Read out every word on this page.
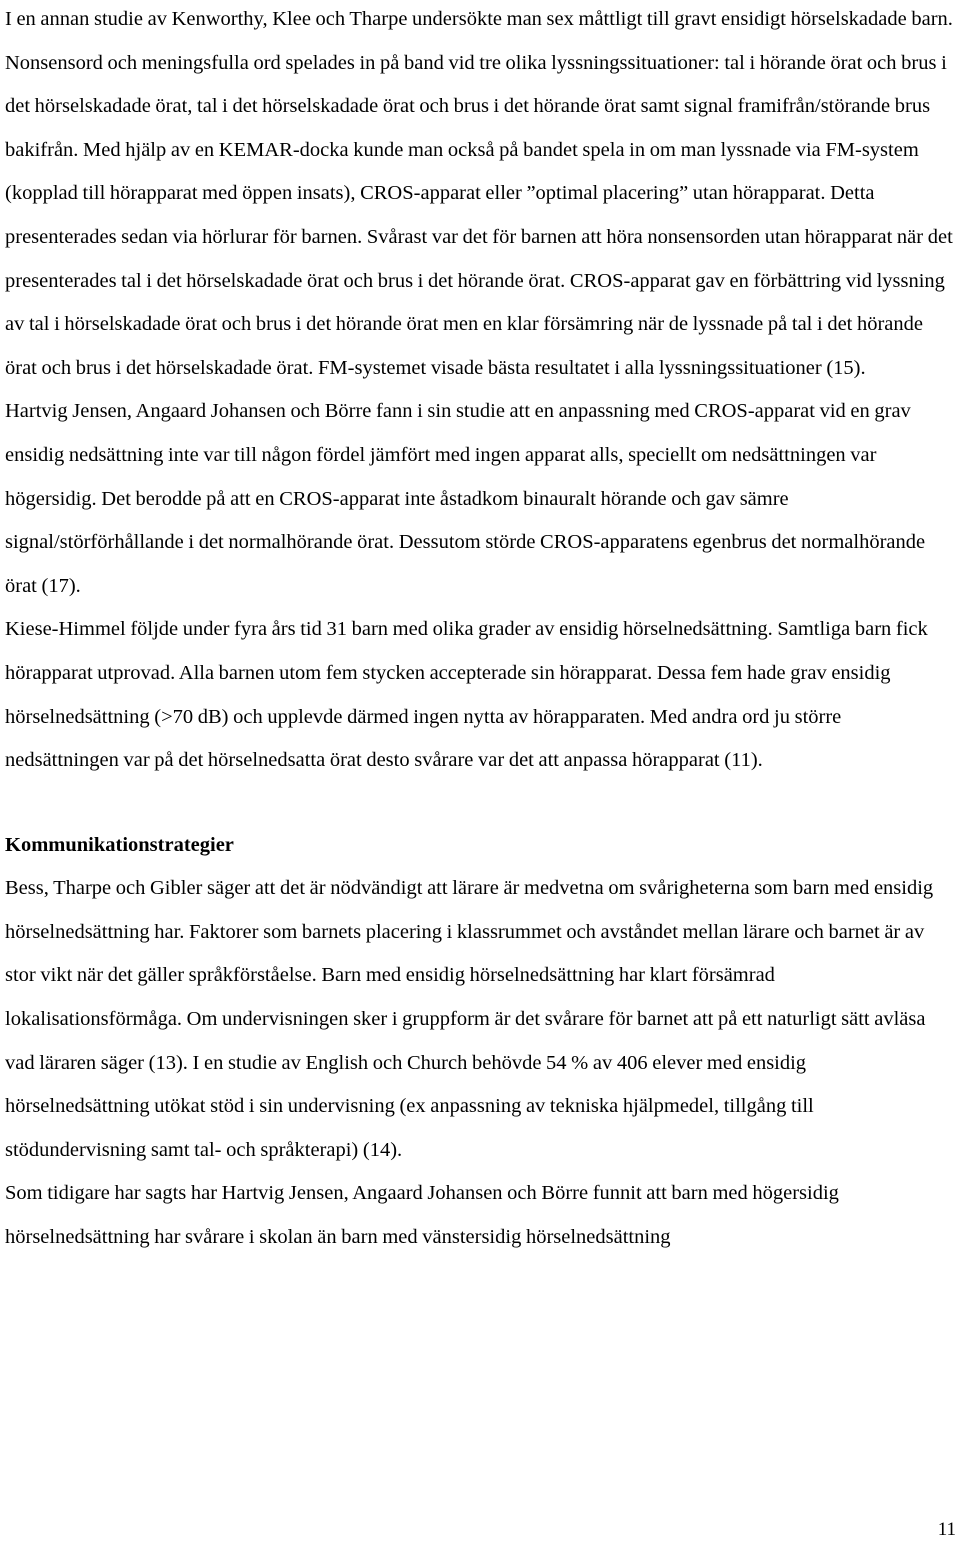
I en annan studie av Kenworthy, Klee och Tharpe undersökte man sex måttligt till gravt ensidigt hörselskadade barn. Nonsensord och meningsfulla ord spelades in på band vid tre olika lyssningssituationer: tal i hörande örat och brus i det hörselskadade örat, tal i det hörselskadade örat och brus i det hörande örat samt signal framifrån/störande brus bakifrån. Med hjälp av en KEMAR-docka kunde man också på bandet spela in om man lyssnade via FM-system (kopplad till hörapparat med öppen insats), CROS-apparat eller ”optimal placering” utan hörapparat. Detta presenterades sedan via hörlurar för barnen. Svårast var det för barnen att höra nonsensorden utan hörapparat när det presenterades tal i det hörselskadade örat och brus i det hörande örat. CROS-apparat gav en förbättring vid lyssning av tal i hörselskadade örat och brus i det hörande örat men en klar försämring när de lyssnade på tal i det hörande örat och brus i det hörselskadade örat. FM-systemet visade bästa resultatet i alla lyssningssituationer (15).

Hartvig Jensen, Angaard Johansen och Börre fann i sin studie att en anpassning med CROS-apparat vid en grav ensidig nedsättning inte var till någon fördel jämfört med ingen apparat alls, speciellt om nedsättningen var högersidig. Det berodde på att en CROS-apparat inte åstadkom binauralt hörande och gav sämre signal/störförhållande i det normalhörande örat. Dessutom störde CROS-apparatens egenbrus det normalhörande örat (17).

Kiese-Himmel följde under fyra års tid 31 barn med olika grader av ensidig hörselnedsättning. Samtliga barn fick hörapparat utprovad. Alla barnen utom fem stycken accepterade sin hörapparat. Dessa fem hade grav ensidig hörselnedsättning (>70 dB) och upplevde därmed ingen nytta av hörapparaten. Med andra ord ju större nedsättningen var på det hörselnedsatta örat desto svårare var det att anpassa hörapparat (11).

Kommunikationstrategier

Bess, Tharpe och Gibler säger att det är nödvändigt att lärare är medvetna om svårigheterna som barn med ensidig hörselnedsättning har. Faktorer som barnets placering i klassrummet och avståndet mellan lärare och barnet är av stor vikt när det gäller språkförståelse. Barn med ensidig hörselnedsättning har klart försämrad lokalisationsförmåga. Om undervisningen sker i gruppform är det svårare för barnet att på ett naturligt sätt avläsa vad läraren säger (13). I en studie av English och Church behövde 54 % av 406 elever med ensidig hörselnedsättning utökat stöd i sin undervisning (ex anpassning av tekniska hjälpmedel, tillgång till stödundervisning samt tal- och språkterapi) (14).

Som tidigare har sagts har Hartvig Jensen, Angaard Johansen och Börre funnit att barn med högersidig hörselnedsättning har svårare i skolan än barn med vänstersidig hörselnedsättning

11
